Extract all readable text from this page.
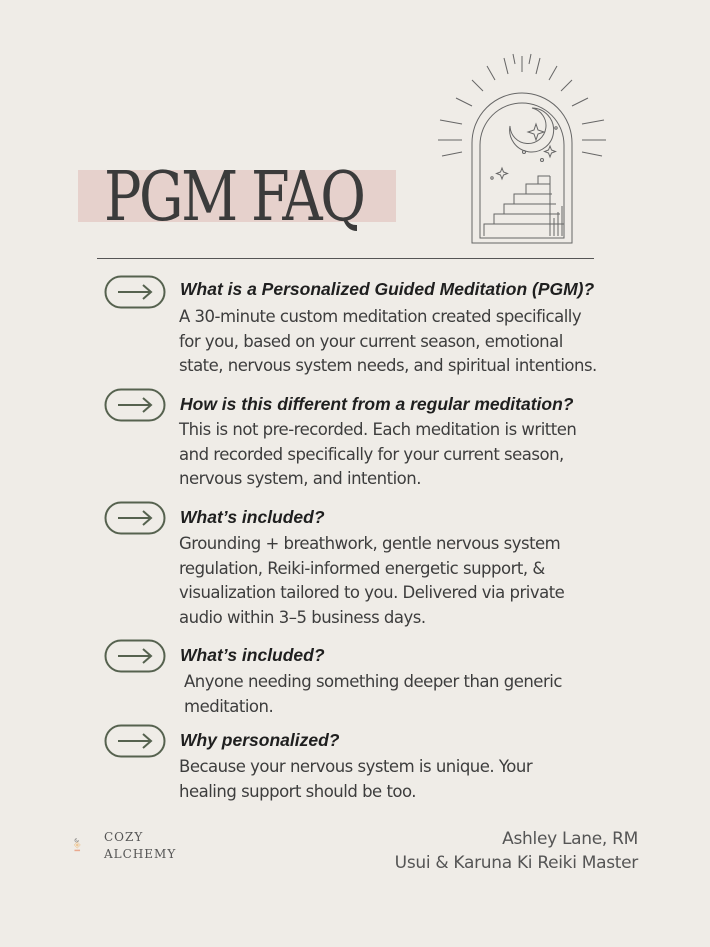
PGM FAQ
What is a Personalized Guided Meditation (PGM)?
A 30-minute custom meditation created specifically
for you, based on your current season, emotional
state, nervous system needs, and spiritual intentions.
How is this different from a regular meditation?
This is not pre-recorded. Each meditation is written
and recorded specifically for your current season,
nervous system, and intention.
What’s included?
Grounding + breathwork, gentle nervous system
regulation, Reiki-informed energetic support, &
visualization tailored to you. Delivered via private
audio within 3–5 business days.
What’s included?
Anyone needing something deeper than generic
meditation.
Why personalized?
Because your nervous system is unique. Your
healing support should be too.
COZY
ALCHEMY
Ashley Lane, RM
Usui & Karuna Ki Reiki Master
